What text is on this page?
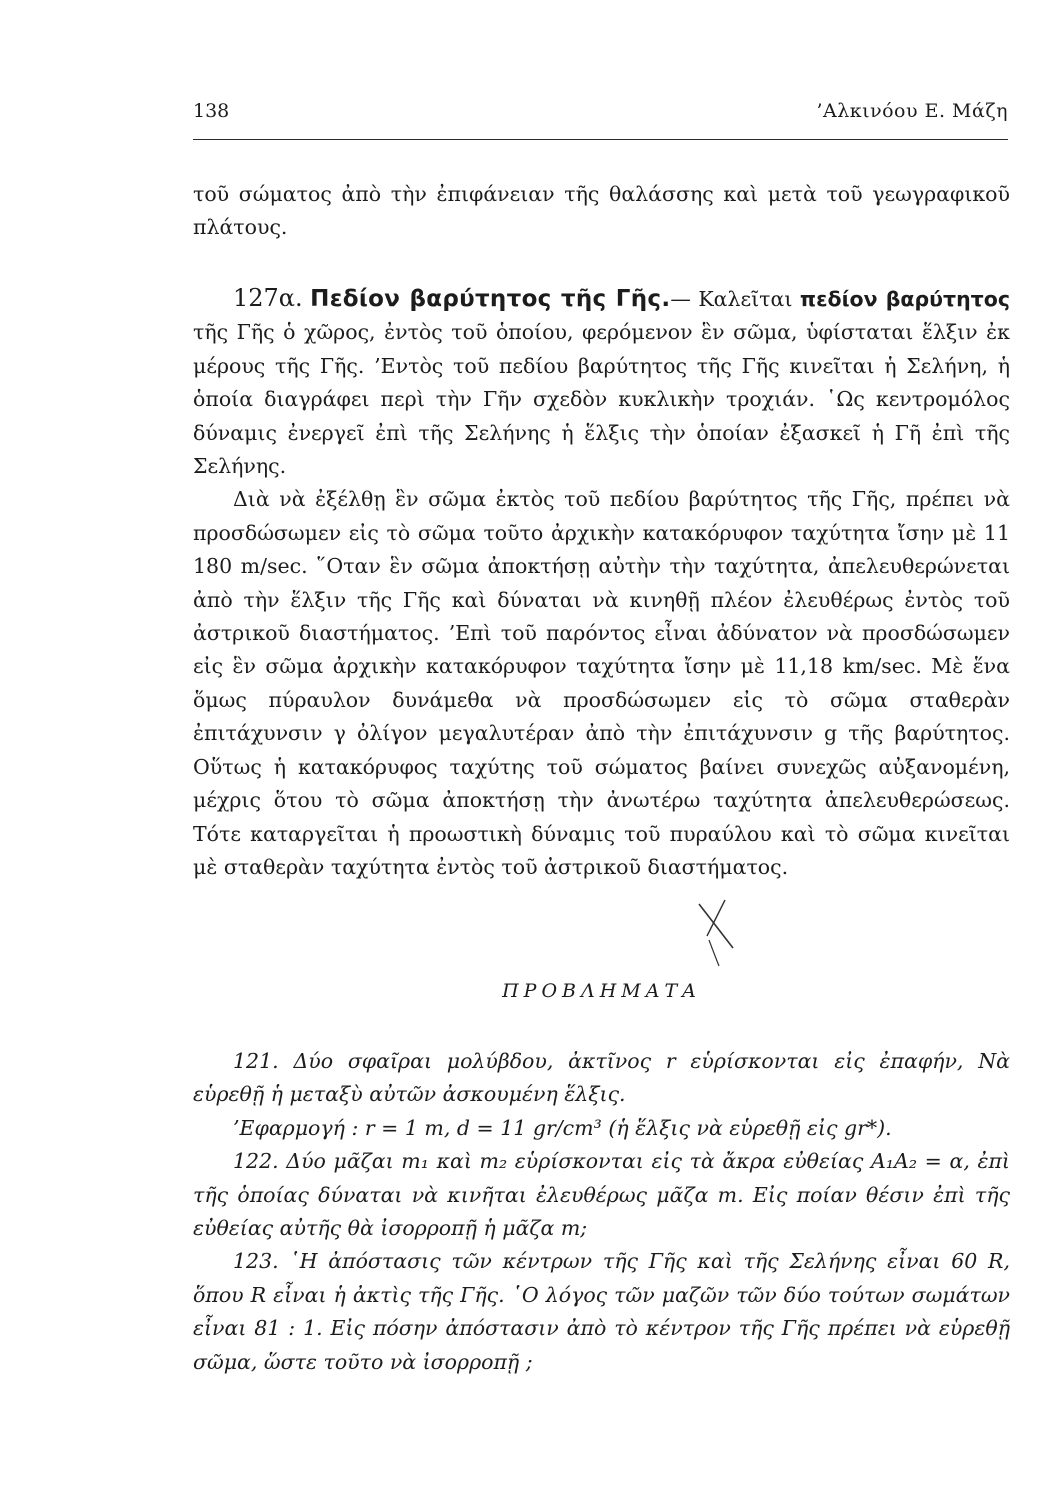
138	’Αλκινόου Ε. Μάζη

τοῦ σώματος ἀπὸ τὴν ἐπιφάνειαν τῆς θαλάσσης καὶ μετὰ τοῦ γεωγραφικοῦ πλάτους.

127α. Πεδίον βαρύτητος τῆς Γῆς.— Καλεῖται πεδίον βαρύτητος τῆς Γῆς ὁ χῶρος, ἐντὸς τοῦ ὁποίου, φερόμενον ἓν σῶμα, ὑφίσταται ἕλξιν ἐκ μέρους τῆς Γῆς. ’Εντὸς τοῦ πεδίου βαρύτητος τῆς Γῆς κινεῖται ἡ Σελήνη, ἡ ὁποία διαγράφει περὶ τὴν Γῆν σχεδὸν κυκλικὴν τροχιάν. ῾Ως κεντρομόλος δύναμις ἐνεργεῖ ἐπὶ τῆς Σελήνης ἡ ἕλξις τὴν ὁποίαν ἐξασκεῖ ἡ Γῆ ἐπὶ τῆς Σελήνης.

Διὰ νὰ ἐξέλθῃ ἓν σῶμα ἐκτὸς τοῦ πεδίου βαρύτητος τῆς Γῆς, πρέπει νὰ προσδώσωμεν εἰς τὸ σῶμα τοῦτο ἀρχικὴν κατακόρυφον ταχύτητα ἴσην μὲ 11 180 m/sec. ῞Οταν ἓν σῶμα ἀποκτήσῃ αὐτὴν τὴν ταχύτητα, ἀπελευθερώνεται ἀπὸ τὴν ἕλξιν τῆς Γῆς καὶ δύναται νὰ κινηθῇ πλέον ἐλευθέρως ἐντὸς τοῦ ἀστρικοῦ διαστήματος. ’Επὶ τοῦ παρόντος εἶναι ἀδύνατον νὰ προσδώσωμεν εἰς ἓν σῶμα ἀρχικὴν κατακόρυφον ταχύτητα ἴσην μὲ 11,18 km/sec. Μὲ ἕνα ὅμως πύραυλον δυνάμεθα νὰ προσδώσωμεν εἰς τὸ σῶμα σταθερὰν ἐπιτάχυνσιν γ ὀλίγον μεγαλυτέραν ἀπὸ τὴν ἐπιτάχυνσιν g τῆς βαρύτητος. Οὕτως ἡ κατακόρυφος ταχύτης τοῦ σώματος βαίνει συνεχῶς αὐξανομένη, μέχρις ὅτου τὸ σῶμα ἀποκτήσῃ τὴν ἀνωτέρω ταχύτητα ἀπελευθερώσεως. Τότε καταργεῖται ἡ προωστικὴ δύναμις τοῦ πυραύλου καὶ τὸ σῶμα κινεῖται μὲ σταθερὰν ταχύτητα ἐντὸς τοῦ ἀστρικοῦ διαστήματος.

ΠΡΟΒΛΗΜΑΤΑ

121. Δύο σφαῖραι μολύβδου, ἀκτῖνος r εὑρίσκονται εἰς ἐπαφήν, Νὰ εὑρεθῇ ἡ μεταξὺ αὐτῶν ἀσκουμένη ἕλξις.

’Εφαρμογή : r = 1 m, d = 11 gr/cm³ (ἡ ἕλξις νὰ εὑρεθῇ εἰς gr*).

122. Δύο μᾶζαι m₁ καὶ m₂ εὑρίσκονται εἰς τὰ ἄκρα εὐθείας A₁A₂ = α, ἐπὶ τῆς ὁποίας δύναται νὰ κινῆται ἐλευθέρως μᾶζα m. Εἰς ποίαν θέσιν ἐπὶ τῆς εὐθείας αὐτῆς θὰ ἰσορροπῇ ἡ μᾶζα m;

123. ῾Η ἀπόστασις τῶν κέντρων τῆς Γῆς καὶ τῆς Σελήνης εἶναι 60 R, ὅπου R εἶναι ἡ ἀκτὶς τῆς Γῆς. ῾Ο λόγος τῶν μαζῶν τῶν δύο τούτων σωμάτων εἶναι 81 : 1. Εἰς πόσην ἀπόστασιν ἀπὸ τὸ κέντρον τῆς Γῆς πρέπει νὰ εὑρεθῇ σῶμα, ὥστε τοῦτο νὰ ἰσορροπῇ ;
